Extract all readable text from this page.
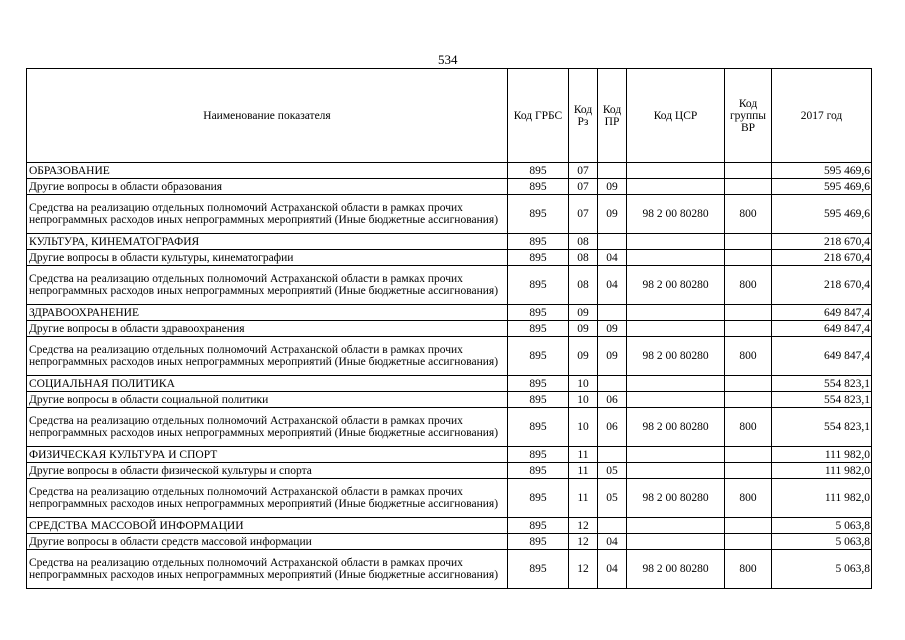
534
Наименование показателя	Код ГРБС	Код Рз	Код ПР	Код ЦСР	Код группы ВР	2017 год
ОБРАЗОВАНИЕ	895	07				595 469,6
Другие вопросы в области образования	895	07	09			595 469,6
Средства на реализацию отдельных полномочий Астраханской области в рамках прочих непрограммных расходов иных непрограммных мероприятий (Иные бюджетные ассигнования)	895	07	09	98 2 00 80280	800	595 469,6
КУЛЬТУРА, КИНЕМАТОГРАФИЯ	895	08				218 670,4
Другие вопросы в области культуры, кинематографии	895	08	04			218 670,4
Средства на реализацию отдельных полномочий Астраханской области в рамках прочих непрограммных расходов иных непрограммных мероприятий (Иные бюджетные ассигнования)	895	08	04	98 2 00 80280	800	218 670,4
ЗДРАВООХРАНЕНИЕ	895	09				649 847,4
Другие вопросы в области здравоохранения	895	09	09			649 847,4
Средства на реализацию отдельных полномочий Астраханской области в рамках прочих непрограммных расходов иных непрограммных мероприятий (Иные бюджетные ассигнования)	895	09	09	98 2 00 80280	800	649 847,4
СОЦИАЛЬНАЯ ПОЛИТИКА	895	10				554 823,1
Другие вопросы в области социальной политики	895	10	06			554 823,1
Средства на реализацию отдельных полномочий Астраханской области в рамках прочих непрограммных расходов иных непрограммных мероприятий (Иные бюджетные ассигнования)	895	10	06	98 2 00 80280	800	554 823,1
ФИЗИЧЕСКАЯ КУЛЬТУРА И СПОРТ	895	11				111 982,0
Другие вопросы в области физической культуры и спорта	895	11	05			111 982,0
Средства на реализацию отдельных полномочий Астраханской области в рамках прочих непрограммных расходов иных непрограммных мероприятий (Иные бюджетные ассигнования)	895	11	05	98 2 00 80280	800	111 982,0
СРЕДСТВА МАССОВОЙ ИНФОРМАЦИИ	895	12				5 063,8
Другие вопросы в области средств массовой информации	895	12	04			5 063,8
Средства на реализацию отдельных полномочий Астраханской области в рамках прочих непрограммных расходов иных непрограммных мероприятий (Иные бюджетные ассигнования)	895	12	04	98 2 00 80280	800	5 063,8
